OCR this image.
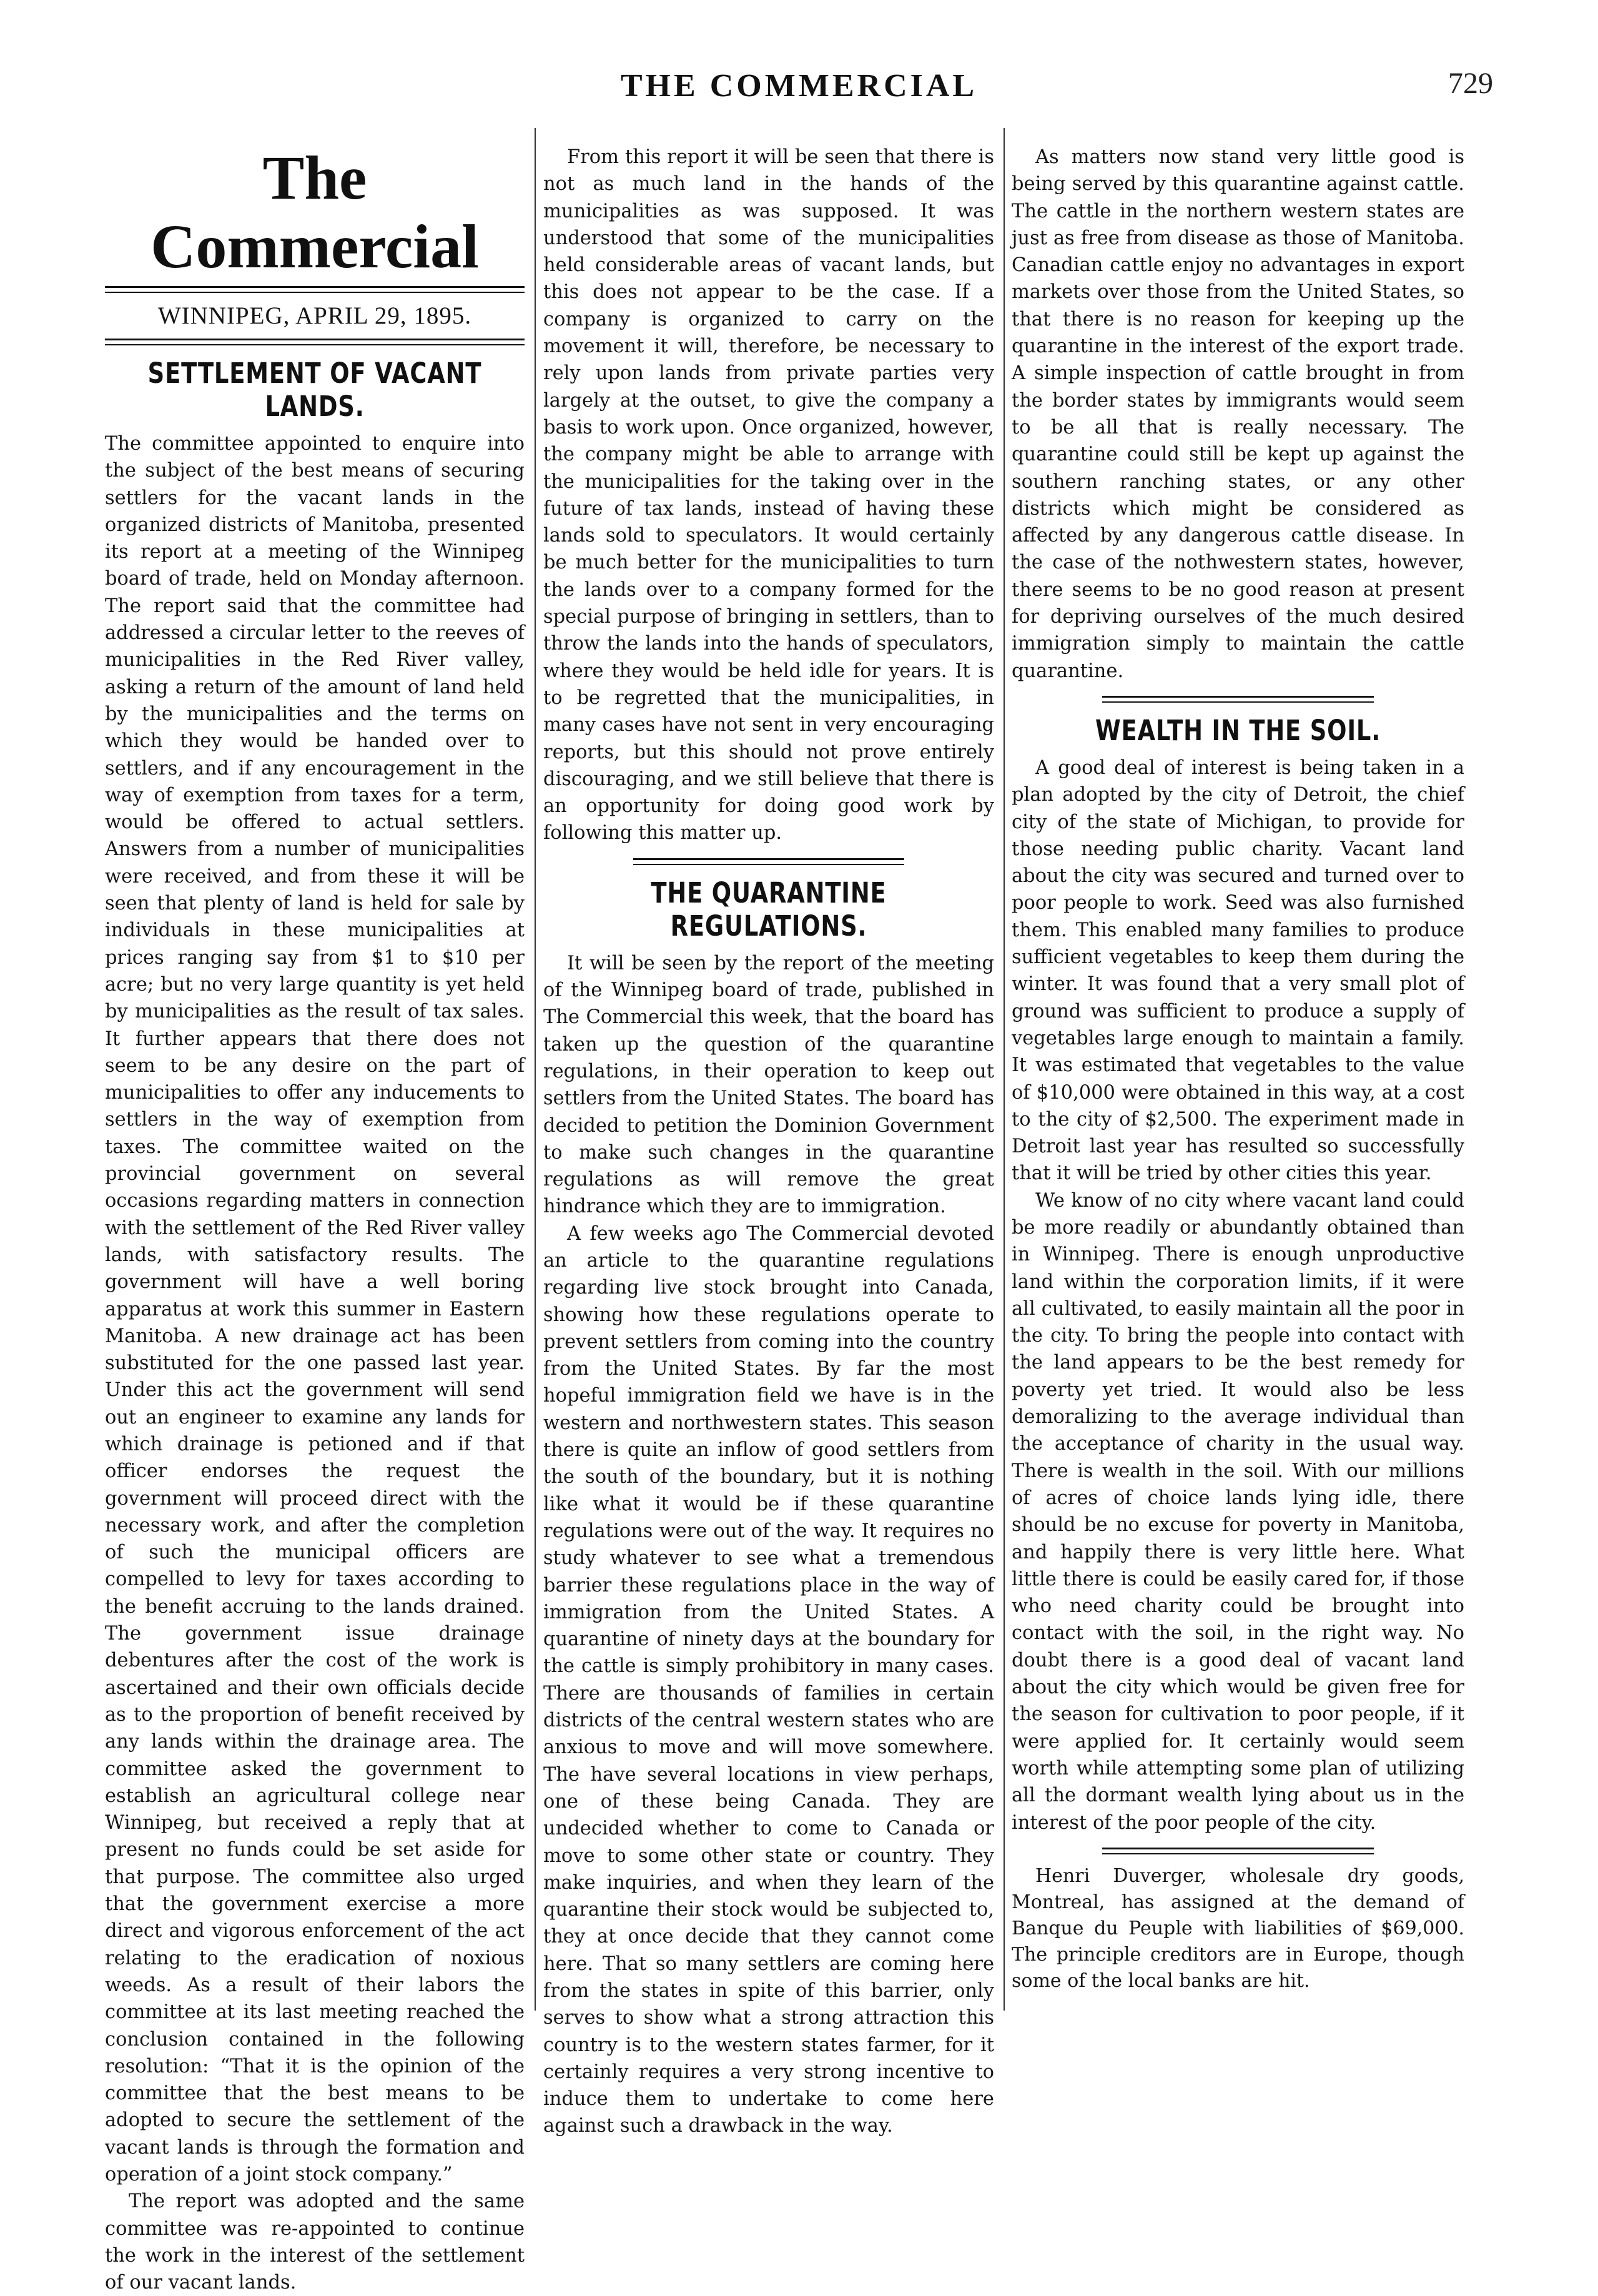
THE COMMERCIAL	729
The Commercial
WINNIPEG, APRIL 29, 1895.
SETTLEMENT OF VACANT LANDS.

The committee appointed to enquire into the subject of the best means of securing settlers for the vacant lands in the organized districts of Manitoba, presented its report at a meeting of the Winnipeg board of trade, held on Monday afternoon. The report said that the committee had addressed a circular letter to the reeves of municipalities in the Red River valley, asking a return of the amount of land held by the municipalities and the terms on which they would be handed over to settlers, and if any encouragement in the way of exemption from taxes for a term, would be offered to actual settlers. Answers from a number of municipalities were received, and from these it will be seen that plenty of land is held for sale by individuals in these municipalities at prices ranging say from $1 to $10 per acre; but no very large quantity is yet held by municipalities as the result of tax sales. It further appears that there does not seem to be any desire on the part of municipalities to offer any inducements to settlers in the way of exemption from taxes. The committee waited on the provincial government on several occasions regarding matters in connection with the settlement of the Red River valley lands, with satisfactory results. The government will have a well boring apparatus at work this summer in Eastern Manitoba. A new drainage act has been substituted for the one passed last year. Under this act the government will send out an engineer to examine any lands for which drainage is petioned and if that officer endorses the request the government will proceed direct with the necessary work, and after the completion of such the municipal officers are compelled to levy for taxes according to the benefit accruing to the lands drained. The government issue drainage debentures after the cost of the work is ascertained and their own officials decide as to the proportion of benefit received by any lands within the drainage area. The committee asked the government to establish an agricultural college near Winnipeg, but received a reply that at present no funds could be set aside for that purpose. The committee also urged that the government exercise a more direct and vigorous enforcement of the act relating to the eradication of noxious weeds. As a result of their labors the committee at its last meeting reached the conclusion contained in the following resolution: “That it is the opinion of the committee that the best means to be adopted to secure the settlement of the vacant lands is through the formation and operation of a joint stock company.”

The report was adopted and the same committee was re-appointed to continue the work in the interest of the settlement of our vacant lands.

From this report it will be seen that there is not as much land in the hands of the municipalities as was supposed. It was understood that some of the municipalities held considerable areas of vacant lands, but this does not appear to be the case. If a company is organized to carry on the movement it will, therefore, be necessary to rely upon lands from private parties very largely at the outset, to give the company a basis to work upon. Once organized, however, the company might be able to arrange with the municipalities for the taking over in the future of tax lands, instead of having these lands sold to speculators. It would certainly be much better for the municipalities to turn the lands over to a company formed for the special purpose of bringing in settlers, than to throw the lands into the hands of speculators, where they would be held idle for years. It is to be regretted that the municipalities, in many cases have not sent in very encouraging reports, but this should not prove entirely discouraging, and we still believe that there is an opportunity for doing good work by following this matter up.

THE QUARANTINE REGULATIONS.

It will be seen by the report of the meeting of the Winnipeg board of trade, published in The Commercial this week, that the board has taken up the question of the quarantine regulations, in their operation to keep out settlers from the United States. The board has decided to petition the Dominion Government to make such changes in the quarantine regulations as will remove the great hindrance which they are to immigration.

A few weeks ago The Commercial devoted an article to the quarantine regulations regarding live stock brought into Canada, showing how these regulations operate to prevent settlers from coming into the country from the United States. By far the most hopeful immigration field we have is in the western and northwestern states. This season there is quite an inflow of good settlers from the south of the boundary, but it is nothing like what it would be if these quarantine regulations were out of the way. It requires no study whatever to see what a tremendous barrier these regulations place in the way of immigration from the United States. A quarantine of ninety days at the boundary for the cattle is simply prohibitory in many cases. There are thousands of families in certain districts of the central western states who are anxious to move and will move somewhere. The have several locations in view perhaps, one of these being Canada. They are undecided whether to come to Canada or move to some other state or country. They make inquiries, and when they learn of the quarantine their stock would be subjected to, they at once decide that they cannot come here. That so many settlers are coming here from the states in spite of this barrier, only serves to show what a strong attraction this country is to the western states farmer, for it certainly requires a very strong incentive to induce them to undertake to come here against such a drawback in the way.

As matters now stand very little good is being served by this quarantine against cattle. The cattle in the northern western states are just as free from disease as those of Manitoba. Canadian cattle enjoy no advantages in export markets over those from the United States, so that there is no reason for keeping up the quarantine in the interest of the export trade. A simple inspection of cattle brought in from the border states by immigrants would seem to be all that is really necessary. The quarantine could still be kept up against the southern ranching states, or any other districts which might be considered as affected by any dangerous cattle disease. In the case of the nothwestern states, however, there seems to be no good reason at present for depriving ourselves of the much desired immigration simply to maintain the cattle quarantine.

WEALTH IN THE SOIL.

A good deal of interest is being taken in a plan adopted by the city of Detroit, the chief city of the state of Michigan, to provide for those needing public charity. Vacant land about the city was secured and turned over to poor people to work. Seed was also furnished them. This enabled many families to produce sufficient vegetables to keep them during the winter. It was found that a very small plot of ground was sufficient to produce a supply of vegetables large enough to maintain a family. It was estimated that vegetables to the value of $10,000 were obtained in this way, at a cost to the city of $2,500. The experiment made in Detroit last year has resulted so successfully that it will be tried by other cities this year.

We know of no city where vacant land could be more readily or abundantly obtained than in Winnipeg. There is enough unproductive land within the corporation limits, if it were all cultivated, to easily maintain all the poor in the city. To bring the people into contact with the land appears to be the best remedy for poverty yet tried. It would also be less demoralizing to the average individual than the acceptance of charity in the usual way. There is wealth in the soil. With our millions of acres of choice lands lying idle, there should be no excuse for poverty in Manitoba, and happily there is very little here. What little there is could be easily cared for, if those who need charity could be brought into contact with the soil, in the right way. No doubt there is a good deal of vacant land about the city which would be given free for the season for cultivation to poor people, if it were applied for. It certainly would seem worth while attempting some plan of utilizing all the dormant wealth lying about us in the interest of the poor people of the city.

Henri Duverger, wholesale dry goods, Montreal, has assigned at the demand of Banque du Peuple with liabilities of $69,000. The principle creditors are in Europe, though some of the local banks are hit.
